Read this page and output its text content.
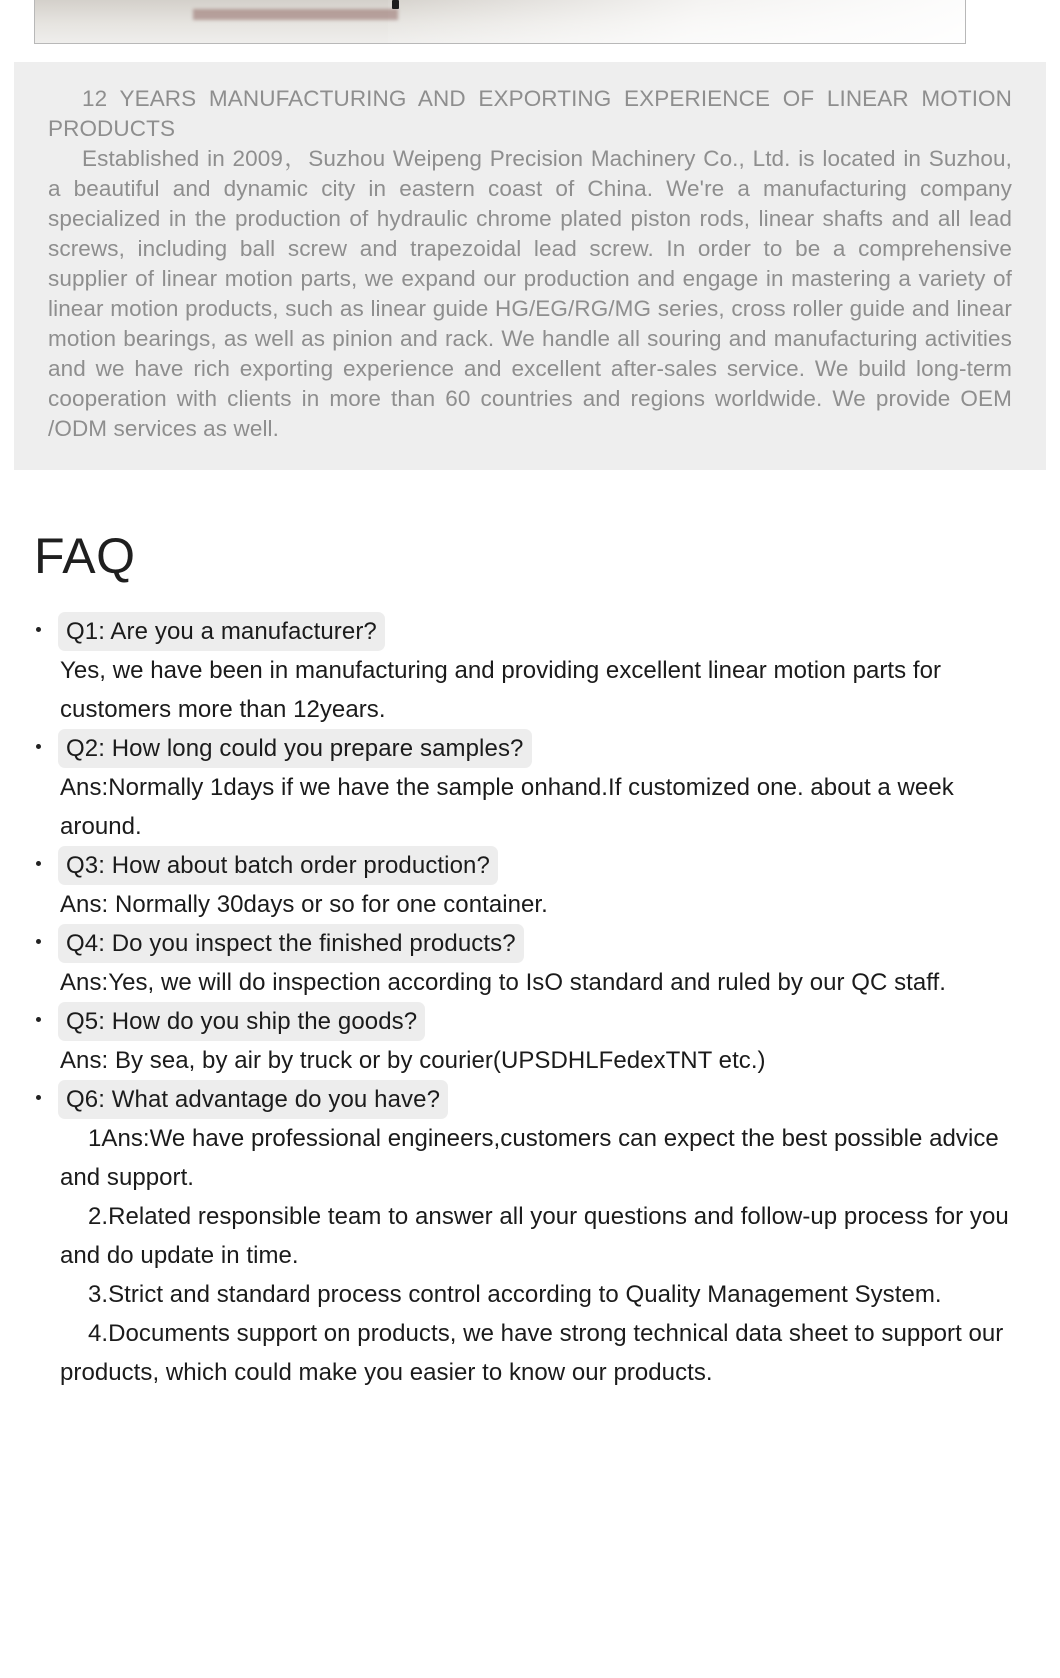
12 YEARS MANUFACTURING AND EXPORTING EXPERIENCE OF LINEAR MOTION PRODUCTS

Established in 2009，Suzhou Weipeng Precision Machinery Co., Ltd. is located in Suzhou, a beautiful and dynamic city in eastern coast of China. We're a manufacturing company specialized in the production of hydraulic chrome plated piston rods, linear shafts and all lead screws, including ball screw and trapezoidal lead screw. In order to be a comprehensive supplier of linear motion parts, we expand our production and engage in mastering a variety of linear motion products, such as linear guide HG/EG/RG/MG series, cross roller guide and linear motion bearings, as well as pinion and rack. We handle all souring and manufacturing activities and we have rich exporting experience and excellent after-sales service. We build long-term cooperation with clients in more than 60 countries and regions worldwide. We provide OEM /ODM services as well.

FAQ
Q1: Are you a manufacturer?

Yes, we have been in manufacturing and providing excellent linear motion parts for customers more than 12years.

Q2: How long could you prepare samples?

Ans:Normally 1days if we have the sample onhand.If customized one. about a week around.

Q3: How about batch order production?

Ans: Normally 30days or so for one container.

Q4: Do you inspect the finished products?

Ans:Yes, we will do inspection according to IsO standard and ruled by our QC staff.

Q5: How do you ship the goods?

Ans: By sea, by air by truck or by courier(UPSDHLFedexTNT etc.)

Q6: What advantage do you have?

1Ans:We have professional engineers,customers can expect the best possible advice and support.

2.Related responsible team to answer all your questions and follow-up process for you and do update in time.

3.Strict and standard process control according to Quality Management System.

4.Documents support on products, we have strong technical data sheet to support our products, which could make you easier to know our products.
